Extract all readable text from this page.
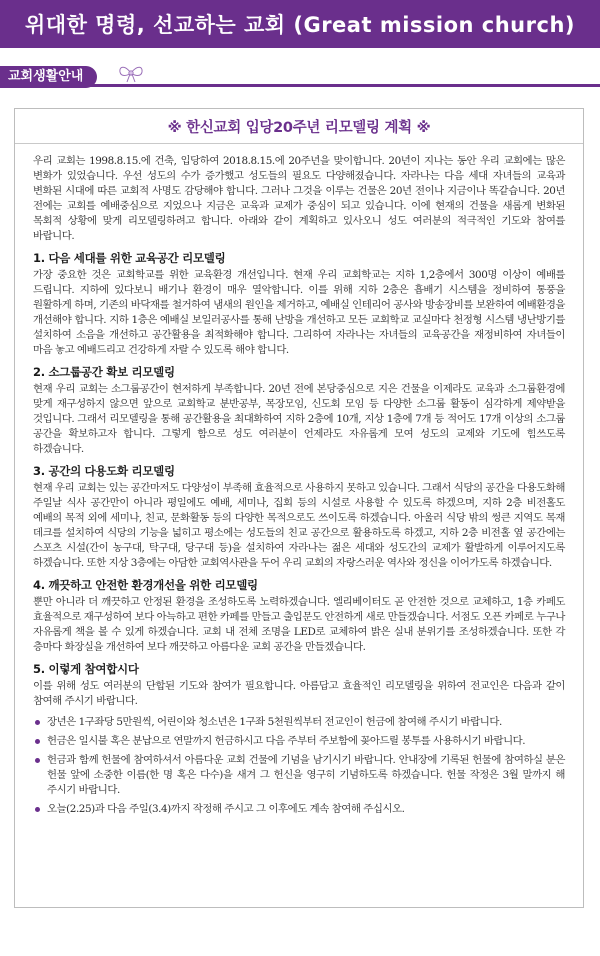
위대한 명령, 선교하는 교회 (Great mission church)
교회생활안내
※ 한신교회 입당20주년 리모델링 계획 ※

우리 교회는 1998.8.15.에 건축, 입당하여 2018.8.15.에 20주년을 맞이합니다. 20년이 지나는 동안 우리 교회에는 많은 변화가 있었습니다. 우선 성도의 수가 증가했고 성도들의 필요도 다양해졌습니다. 자라나는 다음 세대 자녀들의 교육과 변화된 시대에 따른 교회적 사명도 감당해야 합니다. 그러나 그것을 이루는 건물은 20년 전이나 지금이나 똑같습니다. 20년 전에는 교회를 예배중심으로 지었으나 지금은 교육과 교제가 중심이 되고 있습니다. 이에 현재의 건물을 새롭게 변화된 목회적 상황에 맞게 리모델링하려고 합니다. 아래와 같이 계획하고 있사오니 성도 여러분의 적극적인 기도와 참여를 바랍니다.

1. 다음 세대를 위한 교육공간 리모델링

가장 중요한 것은 교회학교를 위한 교육환경 개선입니다. 현재 우리 교회학교는 지하 1,2층에서 300명 이상이 예배를 드립니다. 지하에 있다보니 배기나 환경이 매우 열악합니다. 이를 위해 지하 2층은 흡배기 시스템을 정비하여 통풍을 원활하게 하며, 기존의 바닥재를 철거하여 냄새의 원인을 제거하고, 예배실 인테리어 공사와 방송장비를 보완하여 예배환경을 개선해야 합니다. 지하 1층은 예배실 보일러공사를 통해 난방을 개선하고 모든 교회학교 교실마다 천정형 시스템 냉난방기를 설치하여 소음을 개선하고 공간활용을 최적화해야 합니다. 그리하여 자라나는 자녀들의 교육공간을 재정비하여 자녀들이 마음 놓고 예배드리고 건강하게 자랄 수 있도록 해야 합니다.

2. 소그룹공간 확보 리모델링

현재 우리 교회는 소그룹공간이 현저하게 부족합니다. 20년 전에 본당중심으로 지은 건물을 이제라도 교육과 소그룹환경에 맞게 재구성하지 않으면 앞으로 교회학교 분반공부, 목장모임, 신도회 모임 등 다양한 소그룹 활동이 심각하게 제약받을 것입니다. 그래서 리모델링을 통해 공간활용을 최대화하여 지하 2층에 10개, 지상 1층에 7개 등 적어도 17개 이상의 소그룹 공간을 확보하고자 합니다. 그렇게 함으로 성도 여러분이 언제라도 자유롭게 모여 성도의 교제와 기도에 힘쓰도록 하겠습니다.

3. 공간의 다용도화 리모델링

현재 우리 교회는 있는 공간마저도 다양성이 부족해 효율적으로 사용하지 못하고 있습니다. 그래서 식당의 공간을 다용도화해 주일날 식사 공간만이 아니라 평일에도 예배, 세미나, 집회 등의 시설로 사용할 수 있도록 하겠으며, 지하 2층 비전홀도 예배의 목적 외에 세미나, 친교, 문화활동 등의 다양한 목적으로도 쓰이도록 하겠습니다. 아울러 식당 밖의 썽큰 지역도 목재 데크를 설치하여 식당의 기능을 넓히고 평소에는 성도들의 친교 공간으로 활용하도록 하겠고, 지하 2층 비전홀 옆 공간에는 스포츠 시설(간이 농구대, 탁구대, 당구대 등)을 설치하여 자라나는 젊은 세대와 성도간의 교제가 활발하게 이루어지도록 하겠습니다. 또한 지상 3층에는 아담한 교회역사관을 두어 우리 교회의 자랑스러운 역사와 정신을 이어가도록 하겠습니다.

4. 깨끗하고 안전한 환경개선을 위한 리모델링

뿐만 아니라 더 깨끗하고 안정된 환경을 조성하도록 노력하겠습니다. 엘리베이터도 곧 안전한 것으로 교체하고, 1층 카페도 효율적으로 재구성하여 보다 아늑하고 편한 카페를 만들고 출입문도 안전하게 새로 만들겠습니다. 서점도 오픈 카페로 누구나 자유롭게 책을 볼 수 있게 하겠습니다. 교회 내 전체 조명을 LED로 교체하여 밝은 실내 분위기를 조성하겠습니다. 또한 각 층마다 화장실을 개선하여 보다 깨끗하고 아름다운 교회 공간을 만들겠습니다.

5. 이렇게 참여합시다

이를 위해 성도 여러분의 단합된 기도와 참여가 필요합니다. 아름답고 효율적인 리모델링을 위하여 전교인은 다음과 같이 참여해 주시기 바랍니다.

장년은 1구좌당 5만원씩, 어린이와 청소년은 1구좌 5천원씩부터 전교인이 헌금에 참여해 주시기 바랍니다.
헌금은 일시불 혹은 분납으로 연말까지 헌금하시고 다음 주부터 주보함에 꽂아드릴 봉투를 사용하시기 바랍니다.
헌금과 함께 헌물에 참여하셔서 아름다운 교회 건물에 기념을 남기시기 바랍니다. 안내장에 기록된 헌물에 참여하실 분은 헌물 앞에 소중한 이름(한 명 혹은 다수)을 새겨 그 헌신을 영구히 기념하도록 하겠습니다. 헌물 작정은 3월 말까지 해 주시기 바랍니다.
오늘(2.25)과 다음 주일(3.4)까지 작정해 주시고 그 이후에도 계속 참여해 주십시오.
